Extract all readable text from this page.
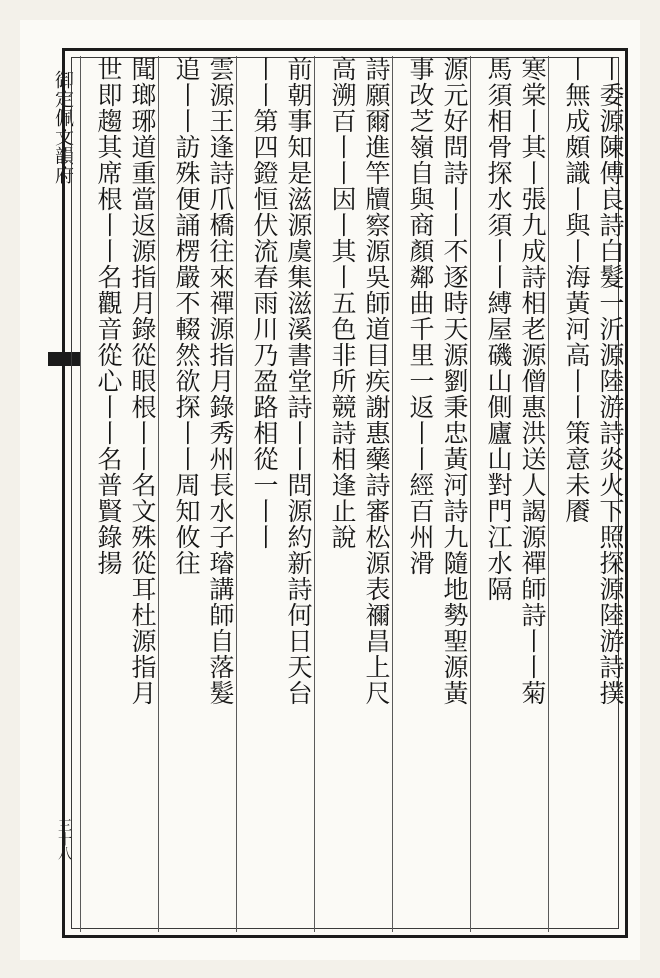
御定佩文韻府
三十八
丨委源陳傅良詩白髮一沂源陸游詩炎火下照探源陸游詩撲
丨無成頗識丨與丨海黃河高丨丨策意未餍
寒棠丨其丨張九成詩相老源僧惠洪送人謁源禪師詩丨丨菊
馬須相骨探水須丨丨縛屋磯山側廬山對門江水隔
源元好問詩丨丨不逐時天源劉秉忠黃河詩九隨地勢聖源黃
事改芝嶺自與商顏鄰曲千里一返丨丨經百州滑
詩願爾進竿牘察源吳師道目疾謝惠藥詩審松源表禰昌上尺
高溯百丨丨因丨其丨五色非所競詩相逢止說
前朝事知是滋源虞集滋溪書堂詩丨丨問源約新詩何日天台
丨丨第四鐙恒伏流春雨川乃盈路相從一丨丨
雲源王逢詩爪橋往來禪源指月錄秀州長水子璿講師自落髮
追丨丨訪殊便誦楞嚴不輟然欲探丨丨周知攸往
聞瑯琊道重當返源指月錄從眼根丨丨名文殊從耳杜源指月
世即趨其席根丨丨名觀音從心丨丨名普賢錄揚
